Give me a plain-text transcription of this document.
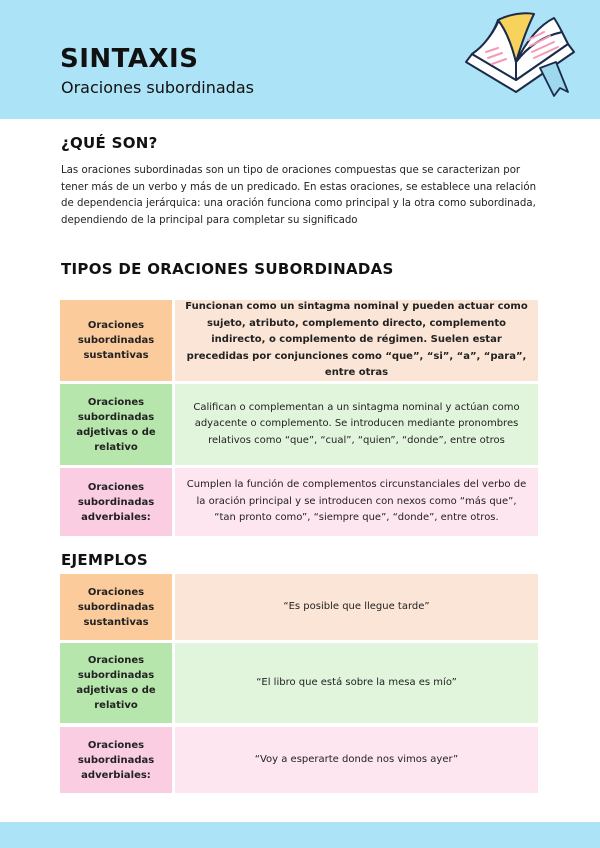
SINTAXIS

Oraciones subordinadas

¿QUÉ SON?

Las oraciones subordinadas son un tipo de oraciones compuestas que se caracterizan por tener más de un verbo y más de un predicado. En estas oraciones, se establece una relación de dependencia jerárquica: una oración funciona como principal y la otra como subordinada, dependiendo de la principal para completar su significado

TIPOS DE ORACIONES SUBORDINADAS
Oraciones subordinadas sustantivas
Funcionan como un sintagma nominal y pueden actuar como sujeto, atributo, complemento directo, complemento indirecto, o complemento de régimen. Suelen estar precedidas por conjunciones como “que”, “si”, “a”, “para”, entre otras
Oraciones subordinadas adjetivas o de relativo
Califican o complementan a un sintagma nominal y actúan como adyacente o complemento. Se introducen mediante pronombres relativos como “que”, “cual”, “quien”, “donde”, entre otros
Oraciones subordinadas adverbiales:
Cumplen la función de complementos circunstanciales del verbo de la oración principal y se introducen con nexos como “más que”, “tan pronto como”, “siempre que”, “donde”, entre otros.
EJEMPLOS
Oraciones subordinadas sustantivas
“Es posible que llegue tarde”
Oraciones subordinadas adjetivas o de relativo
“El libro que está sobre la mesa es mío”
Oraciones subordinadas adverbiales:
“Voy a esperarte donde nos vimos ayer”
